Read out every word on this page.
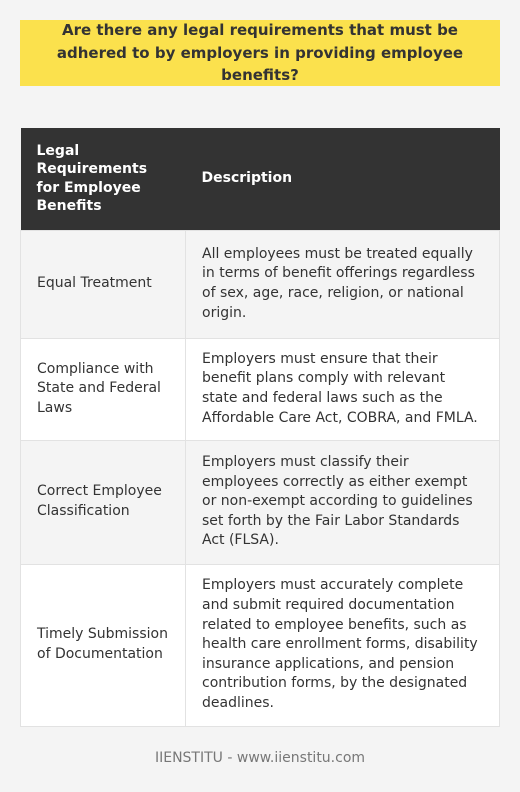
Are there any legal requirements that must be adhered to by employers in providing employee benefits?
Legal Requirements for Employee Benefits	Description
Equal Treatment	All employees must be treated equally in terms of benefit offerings regardless of sex, age, race, religion, or national origin.
Compliance with State and Federal Laws	Employers must ensure that their benefit plans comply with relevant state and federal laws such as the Affordable Care Act, COBRA, and FMLA.
Correct Employee Classification	Employers must classify their employees correctly as either exempt or non-exempt according to guidelines set forth by the Fair Labor Standards Act (FLSA).
Timely Submission of Documentation	Employers must accurately complete and submit required documentation related to employee benefits, such as health care enrollment forms, disability insurance applications, and pension contribution forms, by the designated deadlines.
IIENSTITU - www.iienstitu.com
